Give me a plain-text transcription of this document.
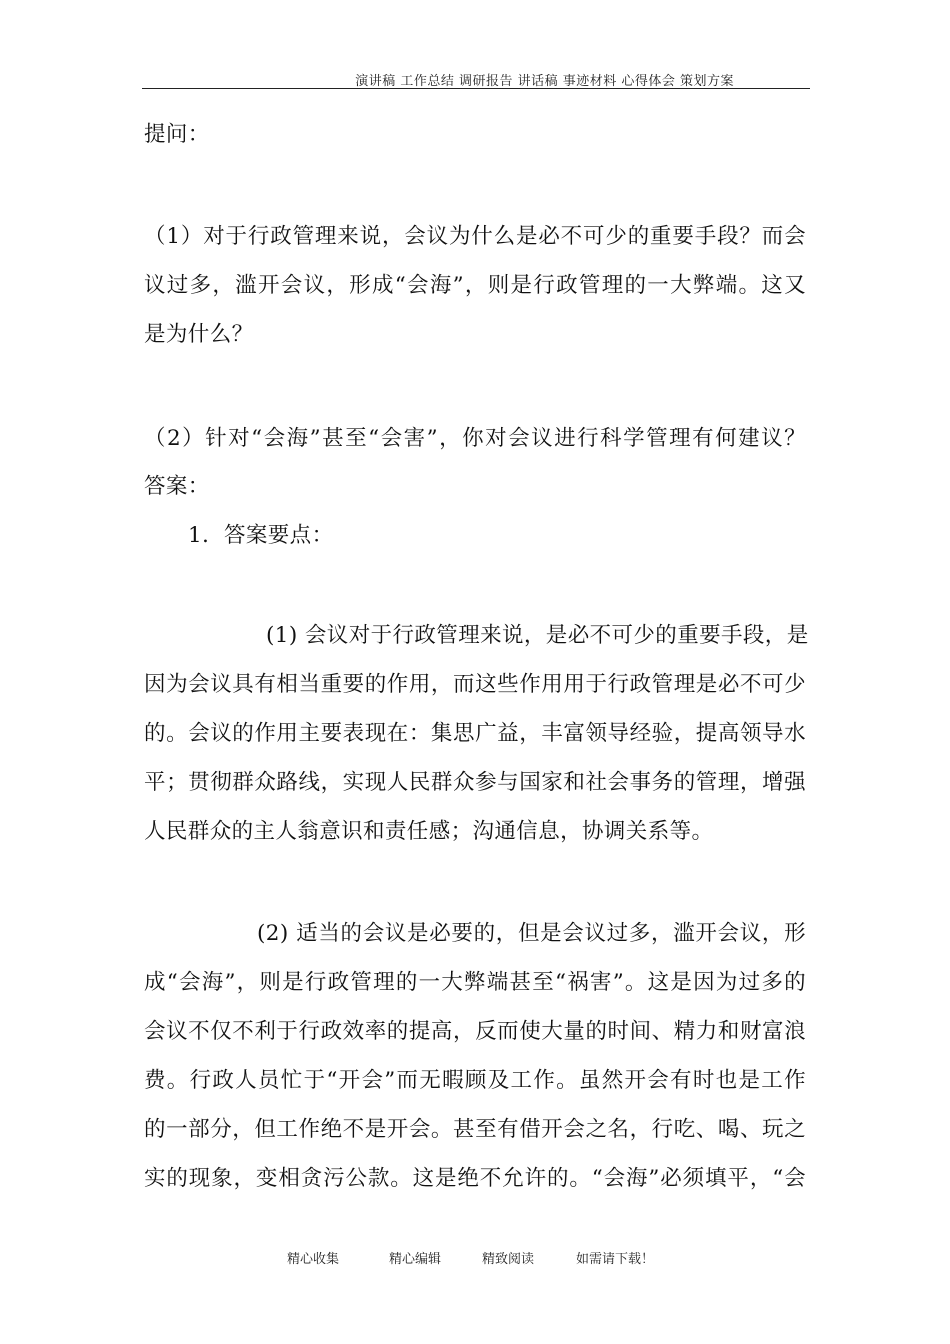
演讲稿 工作总结 调研报告 讲话稿 事迹材料 心得体会 策划方案
提问：
（1）对于行政管理来说，会议为什么是必不可少的重要手段？而会
议过多，滥开会议，形成“会海”，则是行政管理的一大弊端。这又
是为什么？
（2）针对“会海”甚至“会害”，你对会议进行科学管理有何建议？
答案：
1．答案要点：
(1) 会议对于行政管理来说，是必不可少的重要手段，是
因为会议具有相当重要的作用，而这些作用用于行政管理是必不可少
的。会议的作用主要表现在：集思广益，丰富领导经验，提高领导水
平；贯彻群众路线，实现人民群众参与国家和社会事务的管理，增强
人民群众的主人翁意识和责任感；沟通信息，协调关系等。
(2) 适当的会议是必要的，但是会议过多，滥开会议，形
成“会海”，则是行政管理的一大弊端甚至“祸害”。这是因为过多的
会议不仅不利于行政效率的提高，反而使大量的时间、精力和财富浪
费。行政人员忙于“开会”而无暇顾及工作。虽然开会有时也是工作
的一部分，但工作绝不是开会。甚至有借开会之名，行吃、喝、玩之
实的现象，变相贪污公款。这是绝不允许的。“会海”必须填平，“会
精心收集	精心编辑	精致阅读	如需请下载！
